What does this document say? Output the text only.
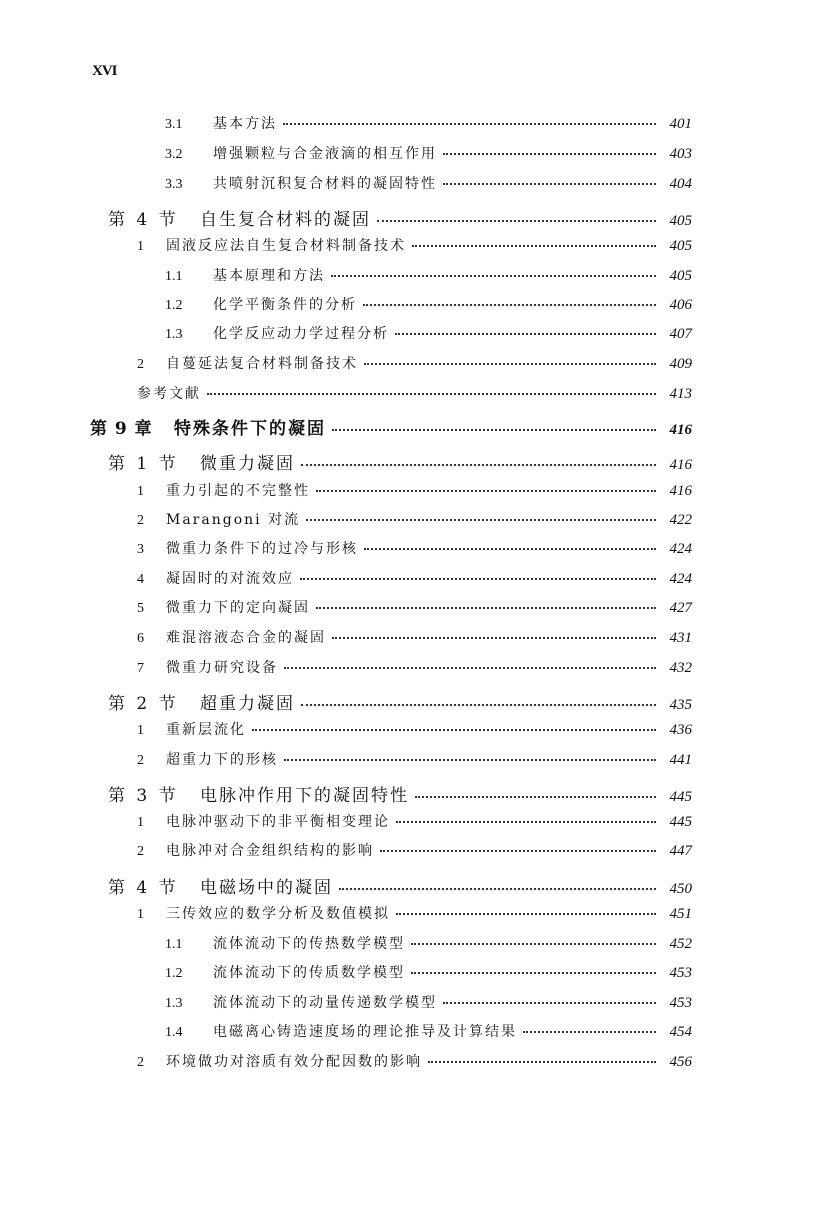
XVI
3.1	基本方法	401
3.2	增强颗粒与合金液滴的相互作用	403
3.3	共喷射沉积复合材料的凝固特性	404
第 4 节	自生复合材料的凝固	405
1	固液反应法自生复合材料制备技术	405
1.1	基本原理和方法	405
1.2	化学平衡条件的分析	406
1.3	化学反应动力学过程分析	407
2	自蔓延法复合材料制备技术	409
参考文献	413
第 9 章	特殊条件下的凝固	416
第 1 节	微重力凝固	416
1	重力引起的不完整性	416
2	Marangoni 对流	422
3	微重力条件下的过冷与形核	424
4	凝固时的对流效应	424
5	微重力下的定向凝固	427
6	难混溶液态合金的凝固	431
7	微重力研究设备	432
第 2 节	超重力凝固	435
1	重新层流化	436
2	超重力下的形核	441
第 3 节	电脉冲作用下的凝固特性	445
1	电脉冲驱动下的非平衡相变理论	445
2	电脉冲对合金组织结构的影响	447
第 4 节	电磁场中的凝固	450
1	三传效应的数学分析及数值模拟	451
1.1	流体流动下的传热数学模型	452
1.2	流体流动下的传质数学模型	453
1.3	流体流动下的动量传递数学模型	453
1.4	电磁离心铸造速度场的理论推导及计算结果	454
2	环境做功对溶质有效分配因数的影响	456
